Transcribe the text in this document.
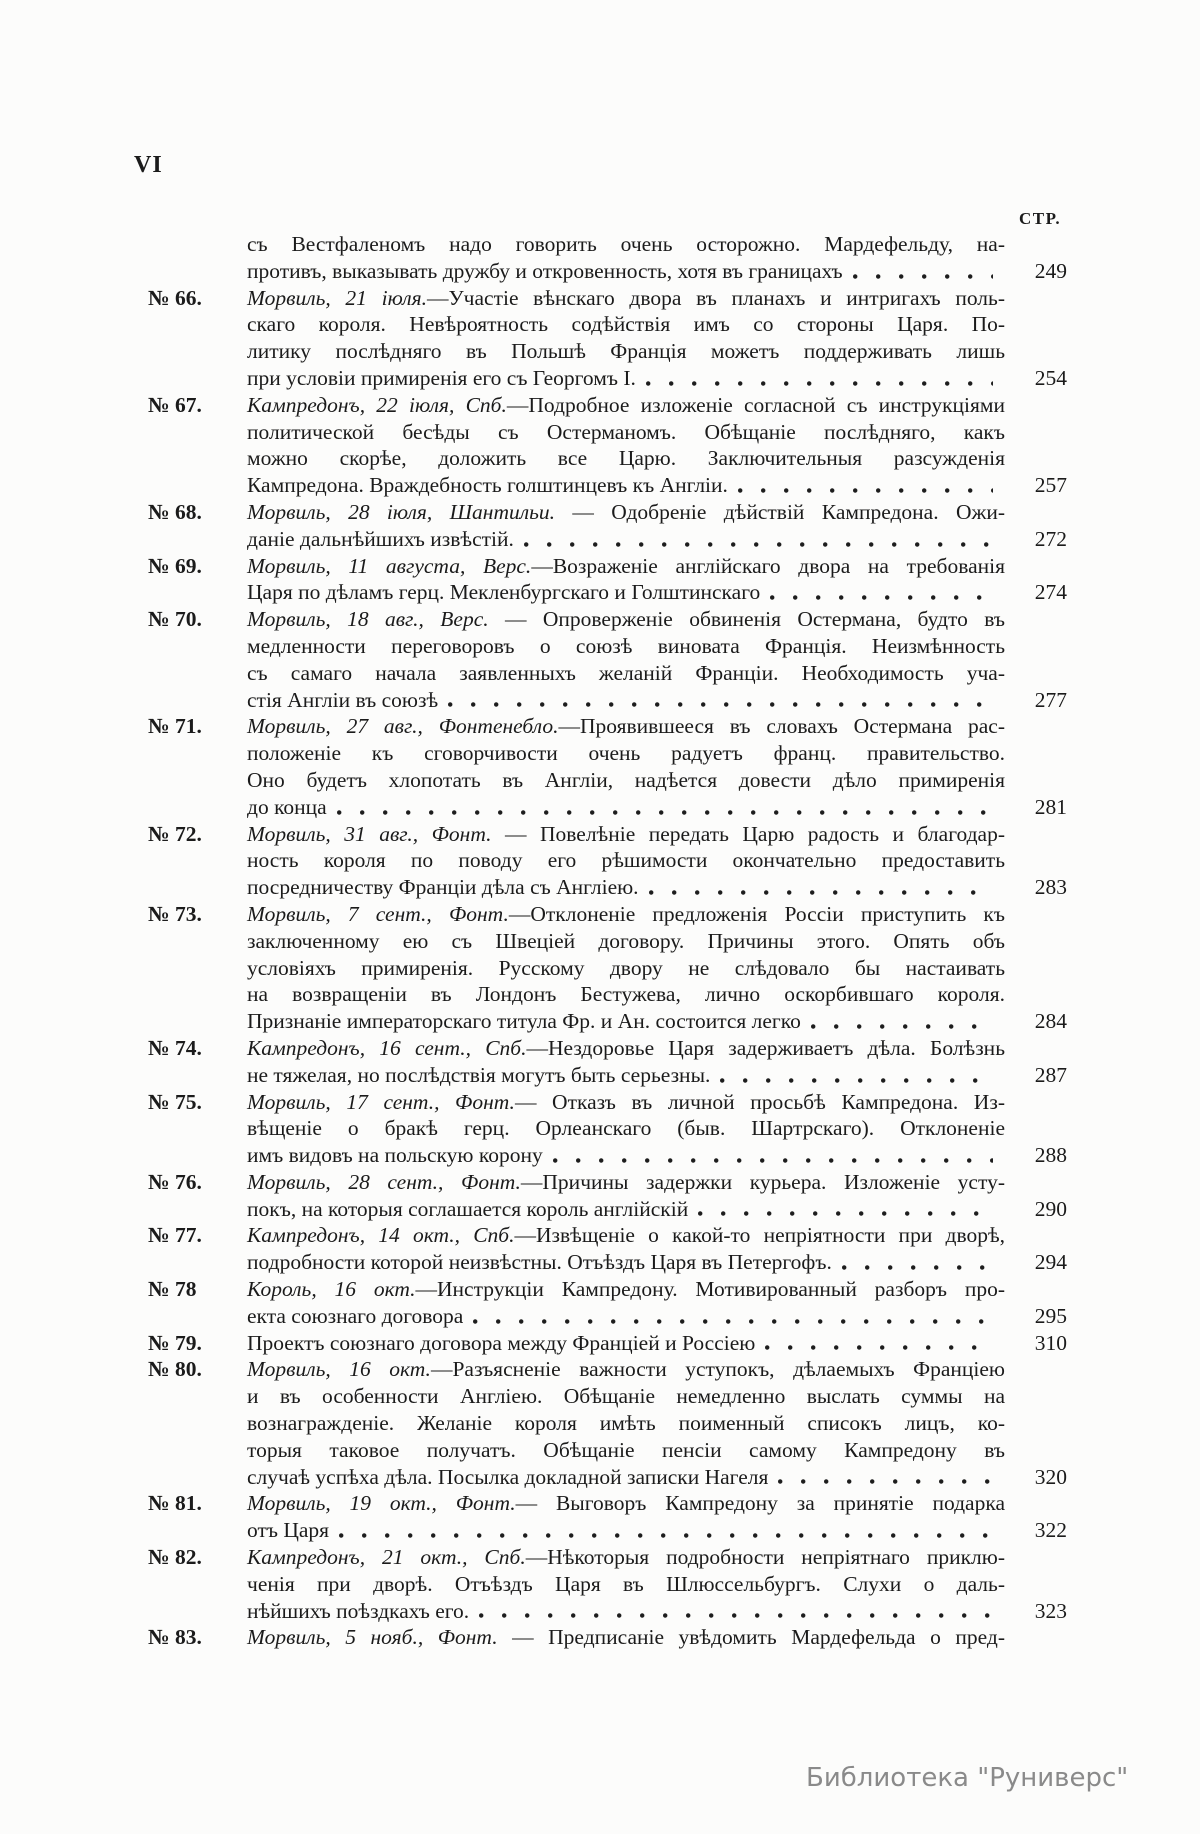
VI
СТР.
съ Вестфаленомъ надо говорить очень осторожно. Мардефельду, на-
противъ, выказывать дружбу и откровенность, хотя въ границахъ	249
№ 66.	Морвиль, 21 іюля.—Участіе вѣнскаго двора въ планахъ и интригахъ поль-
скаго короля. Невѣроятность содѣйствія имъ со стороны Царя. По-
литику послѣдняго въ Польшѣ Франція можетъ поддерживать лишь
при условіи примиренія его съ Георгомъ I.	254
№ 67.	Кампредонъ, 22 іюля, Спб.—Подробное изложеніе согласной съ инструкціями
политической бесѣды съ Остерманомъ. Обѣщаніе послѣдняго, какъ
можно скорѣе, доложить все Царю. Заключительныя разсужденія
Кампредона. Враждебность голштинцевъ къ Англіи.	257
№ 68.	Морвиль, 28 іюля, Шантильи. — Одобреніе дѣйствій Кампредона. Ожи-
даніе дальнѣйшихъ извѣстій.	272
№ 69.	Морвиль, 11 августа, Верс.—Возраженіе англійскаго двора на требованія
Царя по дѣламъ герц. Мекленбургскаго и Голштинскаго	274
№ 70.	Морвиль, 18 авг., Верс. — Опроверженіе обвиненія Остермана, будто въ
медленности переговоровъ о союзѣ виновата Франція. Неизмѣнность
съ самаго начала заявленныхъ желаній Франціи. Необходимость уча-
стія Англіи въ союзѣ	277
№ 71.	Морвиль, 27 авг., Фонтенебло.—Проявившееся въ словахъ Остермана рас-
положеніе къ сговорчивости очень радуетъ франц. правительство.
Оно будетъ хлопотать въ Англіи, надѣется довести дѣло примиренія
до конца	281
№ 72.	Морвиль, 31 авг., Фонт. — Повелѣніе передать Царю радость и благодар-
ность короля по поводу его рѣшимости окончательно предоставить
посредничеству Франціи дѣла съ Англіею.	283
№ 73.	Морвиль, 7 сент., Фонт.—Отклоненіе предложенія Россіи приступить къ
заключенному ею съ Швеціей договору. Причины этого. Опять объ
условіяхъ примиренія. Русскому двору не слѣдовало бы настаивать
на возвращеніи въ Лондонъ Бестужева, лично оскорбившаго короля.
Признаніе императорскаго титула Фр. и Ан. состоится легко	284
№ 74.	Кампредонъ, 16 сент., Спб.—Нездоровье Царя задерживаетъ дѣла. Болѣзнь
не тяжелая, но послѣдствія могутъ быть серьезны.	287
№ 75.	Морвиль, 17 сент., Фонт.— Отказъ въ личной просьбѣ Кампредона. Из-
вѣщеніе о бракѣ герц. Орлеанскаго (быв. Шартрскаго). Отклоненіе
имъ видовъ на польскую корону	288
№ 76.	Морвиль, 28 сент., Фонт.—Причины задержки курьера. Изложеніе усту-
покъ, на которыя соглашается король англійскій	290
№ 77.	Кампредонъ, 14 окт., Спб.—Извѣщеніе о какой-то непріятности при дворѣ,
подробности которой неизвѣстны. Отъѣздъ Царя въ Петергофъ.	294
№ 78	Король, 16 окт.—Инструкціи Кампредону. Мотивированный разборъ про-
екта союзнаго договора	295
№ 79.	Проектъ союзнаго договора между Франціей и Россіею	310
№ 80.	Морвиль, 16 окт.—Разъясненіе важности уступокъ, дѣлаемыхъ Франціею
и въ особенности Англіею. Обѣщаніе немедленно выслать суммы на
вознагражденіе. Желаніе короля имѣть поименный списокъ лицъ, ко-
торыя таковое получатъ. Обѣщаніе пенсіи самому Кампредону въ
случаѣ успѣха дѣла. Посылка докладной записки Нагеля	320
№ 81.	Морвиль, 19 окт., Фонт.— Выговоръ Кампредону за принятіе подарка
отъ Царя	322
№ 82.	Кампредонъ, 21 окт., Спб.—Нѣкоторыя подробности непріятнаго приклю-
ченія при дворѣ. Отъѣздъ Царя въ Шлюссельбургъ. Слухи о даль-
нѣйшихъ поѣздкахъ его.	323
№ 83.	Морвиль, 5 нояб., Фонт. — Предписаніе увѣдомить Мардефельда о пред-
Библиотека "Руниверс"
